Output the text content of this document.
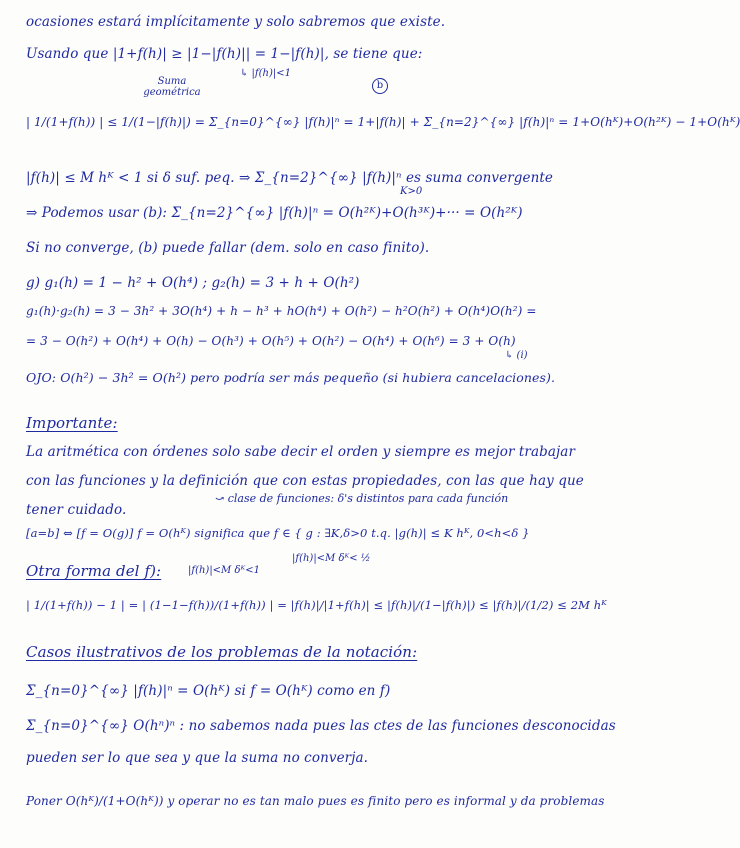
ocasiones estará implícitamente y solo sabremos que existe.
Usando que |1+f(h)| ≥ |1−|f(h)|| = 1−|f(h)|, se tiene que:
↳ |f(h)|<1
Suma geométrica
b
| 1/(1+f(h)) | ≤ 1/(1−|f(h)|) = Σ_{n=0}^{∞} |f(h)|ⁿ = 1+|f(h)| + Σ_{n=2}^{∞} |f(h)|ⁿ = 1+O(hᴷ)+O(h²ᴷ) − 1+O(hᴷ)
|f(h)| ≤ M hᴷ < 1 si δ suf. peq. ⇒ Σ_{n=2}^{∞} |f(h)|ⁿ es suma convergente
K>0
⇒ Podemos usar (b): Σ_{n=2}^{∞} |f(h)|ⁿ = O(h²ᴷ)+O(h³ᴷ)+··· = O(h²ᴷ)
Si no converge, (b) puede fallar (dem. solo en caso finito).
g) g₁(h) = 1 − h² + O(h⁴) ; g₂(h) = 3 + h + O(h²)
g₁(h)·g₂(h) = 3 − 3h² + 3O(h⁴) + h − h³ + hO(h⁴) + O(h²) − h²O(h²) + O(h⁴)O(h²) =
= 3 − O(h²) + O(h⁴) + O(h) − O(h³) + O(h⁵) + O(h²) − O(h⁴) + O(h⁶) = 3 + O(h)
↳ (i)
OJO: O(h²) − 3h² = O(h²) pero podría ser más pequeño (si hubiera cancelaciones).
Importante:
La aritmética con órdenes solo sabe decir el orden y siempre es mejor trabajar
con las funciones y la definición que con estas propiedades, con las que hay que
tener cuidado.
⤻ clase de funciones: δ's distintos para cada función
[a=b] ⇔ [f = O(g)] f = O(hᴷ) significa que f ∈ { g : ∃K,δ>0 t.q. |g(h)| ≤ K hᴷ, 0<h<δ }
Otra forma del f):	|f(h)|<M δᴷ<1
|f(h)|<M δᴷ< ½
| 1/(1+f(h)) − 1 | = | (1−1−f(h))/(1+f(h)) | = |f(h)|/|1+f(h)| ≤ |f(h)|/(1−|f(h)|) ≤ |f(h)|/(1/2) ≤ 2M hᴷ
Casos ilustrativos de los problemas de la notación:
Σ_{n=0}^{∞} |f(h)|ⁿ = O(hᴷ) si f = O(hᴷ) como en f)
Σ_{n=0}^{∞} O(hⁿ)ⁿ : no sabemos nada pues las ctes de las funciones desconocidas
pueden ser lo que sea y que la suma no converja.
Poner O(hᴷ)/(1+O(hᴷ)) y operar no es tan malo pues es finito pero es informal y da problemas
